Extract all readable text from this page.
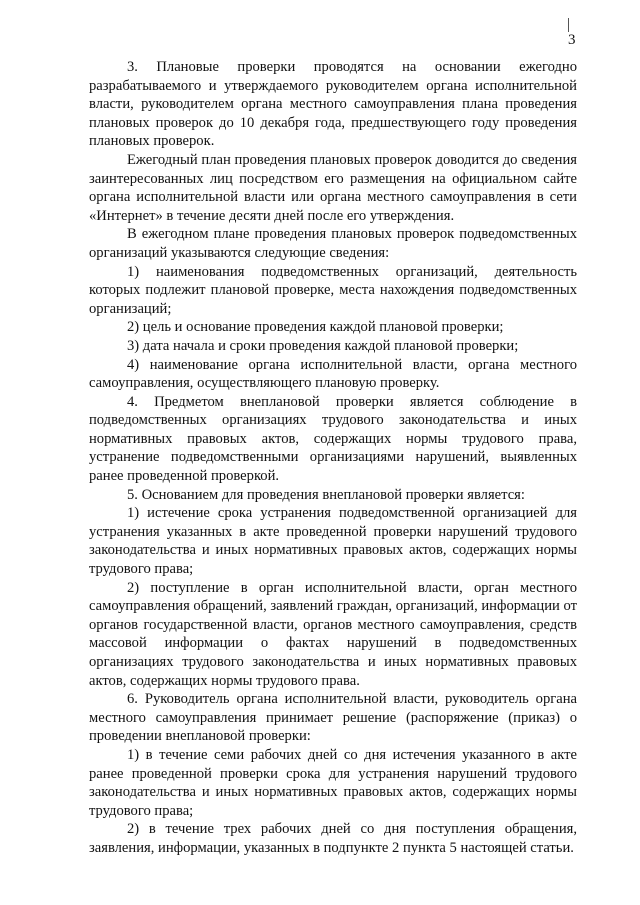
3

3. Плановые проверки проводятся на основании ежегодно разрабатываемого и утверждаемого руководителем органа исполнительной власти, руководителем органа местного самоуправления плана проведения плановых проверок до 10 декабря года, предшествующего году проведения плановых проверок.

Ежегодный план проведения плановых проверок доводится до сведения заинтересованных лиц посредством его размещения на официальном сайте органа исполнительной власти или органа местного самоуправления в сети «Интернет» в течение десяти дней после его утверждения.

В ежегодном плане проведения плановых проверок подведомственных организаций указываются следующие сведения:

1) наименования подведомственных организаций, деятельность которых подлежит плановой проверке, места нахождения подведомственных организаций;

2) цель и основание проведения каждой плановой проверки;

3) дата начала и сроки проведения каждой плановой проверки;

4) наименование органа исполнительной власти, органа местного самоуправления, осуществляющего плановую проверку.

4. Предметом внеплановой проверки является соблюдение в подведомственных организациях трудового законодательства и иных нормативных правовых актов, содержащих нормы трудового права, устранение подведомственными организациями нарушений, выявленных ранее проведенной проверкой.

5. Основанием для проведения внеплановой проверки является:

1) истечение срока устранения подведомственной организацией для устранения указанных в акте проведенной проверки нарушений трудового законодательства и иных нормативных правовых актов, содержащих нормы трудового права;

2) поступление в орган исполнительной власти, орган местного самоуправления обращений, заявлений граждан, организаций, информации от органов государственной власти, органов местного самоуправления, средств массовой информации о фактах нарушений в подведомственных организациях трудового законодательства и иных нормативных правовых актов, содержащих нормы трудового права.

6. Руководитель органа исполнительной власти, руководитель органа местного самоуправления принимает решение (распоряжение (приказ) о проведении внеплановой проверки:

1) в течение семи рабочих дней со дня истечения указанного в акте ранее проведенной проверки срока для устранения нарушений трудового законодательства и иных нормативных правовых актов, содержащих нормы трудового права;

2) в течение трех рабочих дней со дня поступления обращения, заявления, информации, указанных в подпункте 2 пункта 5 настоящей статьи.
